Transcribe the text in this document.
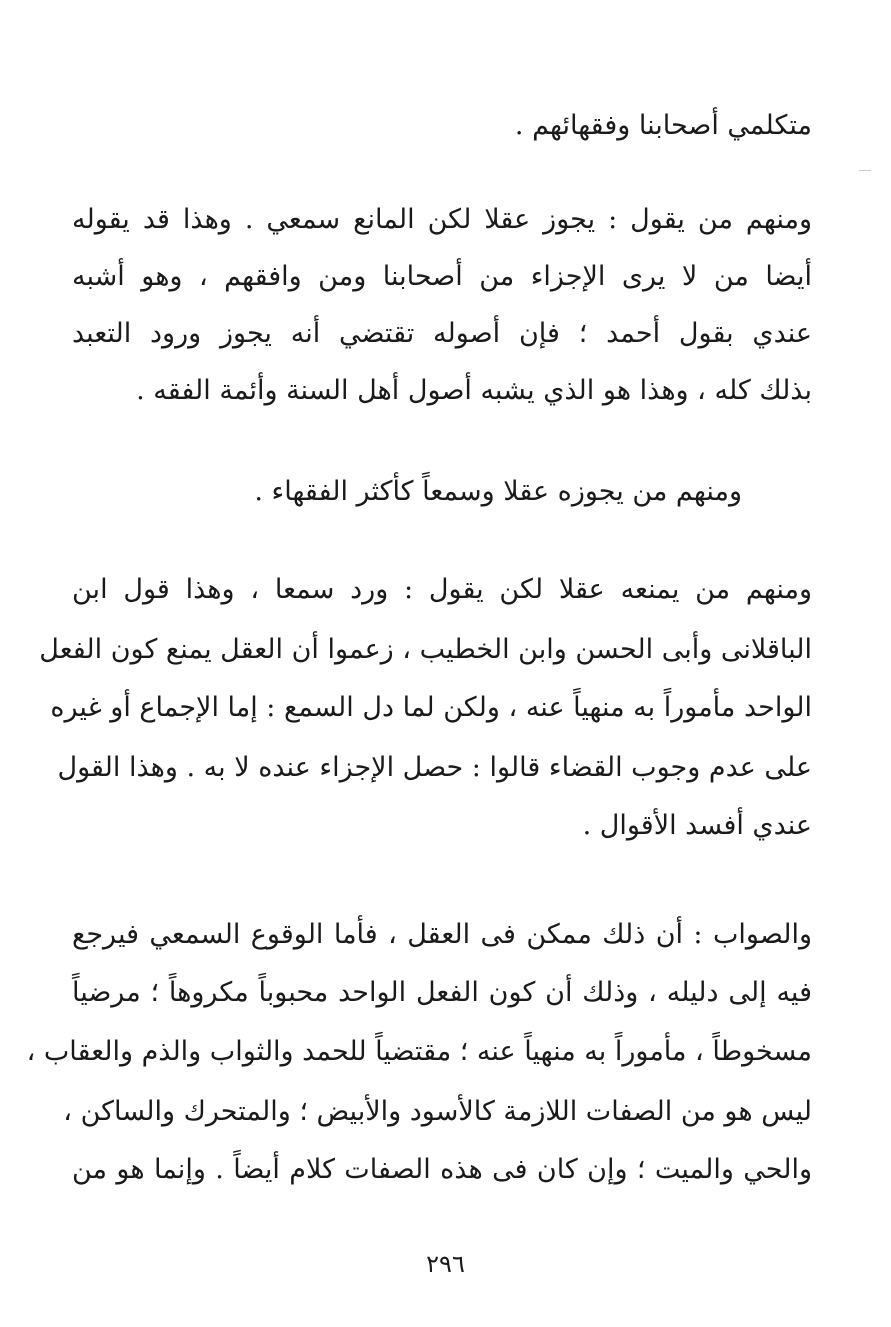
متكلمي أصحابنا وفقهائهم .
ومنهم من يقول : يجوز عقلا لكن المانع سمعي . وهذا قد يقوله
أيضا من لا يرى الإجزاء من أصحابنا ومن وافقهم ، وهو أشبه
عندي بقول أحمد ؛ فإن أصوله تقتضي أنه يجوز ورود التعبد
بذلك كله ، وهذا هو الذي يشبه أصول أهل السنة وأئمة الفقه .
ومنهم من يجوزه عقلا وسمعاً كأكثر الفقهاء .
ومنهم من يمنعه عقلا لكن يقول : ورد سمعا ، وهذا قول ابن
الباقلانى وأبى الحسن وابن الخطيب ، زعموا أن العقل يمنع كون الفعل
الواحد مأموراً به منهياً عنه ، ولكن لما دل السمع : إما الإجماع أو غيره
على عدم وجوب القضاء قالوا : حصل الإجزاء عنده لا به . وهذا القول
عندي أفسد الأقوال .
والصواب : أن ذلك ممكن فى العقل ، فأما الوقوع السمعي فيرجع
فيه إلى دليله ، وذلك أن كون الفعل الواحد محبوباً مكروهاً ؛ مرضياً
مسخوطاً ، مأموراً به منهياً عنه ؛ مقتضياً للحمد والثواب والذم والعقاب ،
ليس هو من الصفات اللازمة كالأسود والأبيض ؛ والمتحرك والساكن ،
والحي والميت ؛ وإن كان فى هذه الصفات كلام أيضاً . وإنما هو من
٢٩٦
